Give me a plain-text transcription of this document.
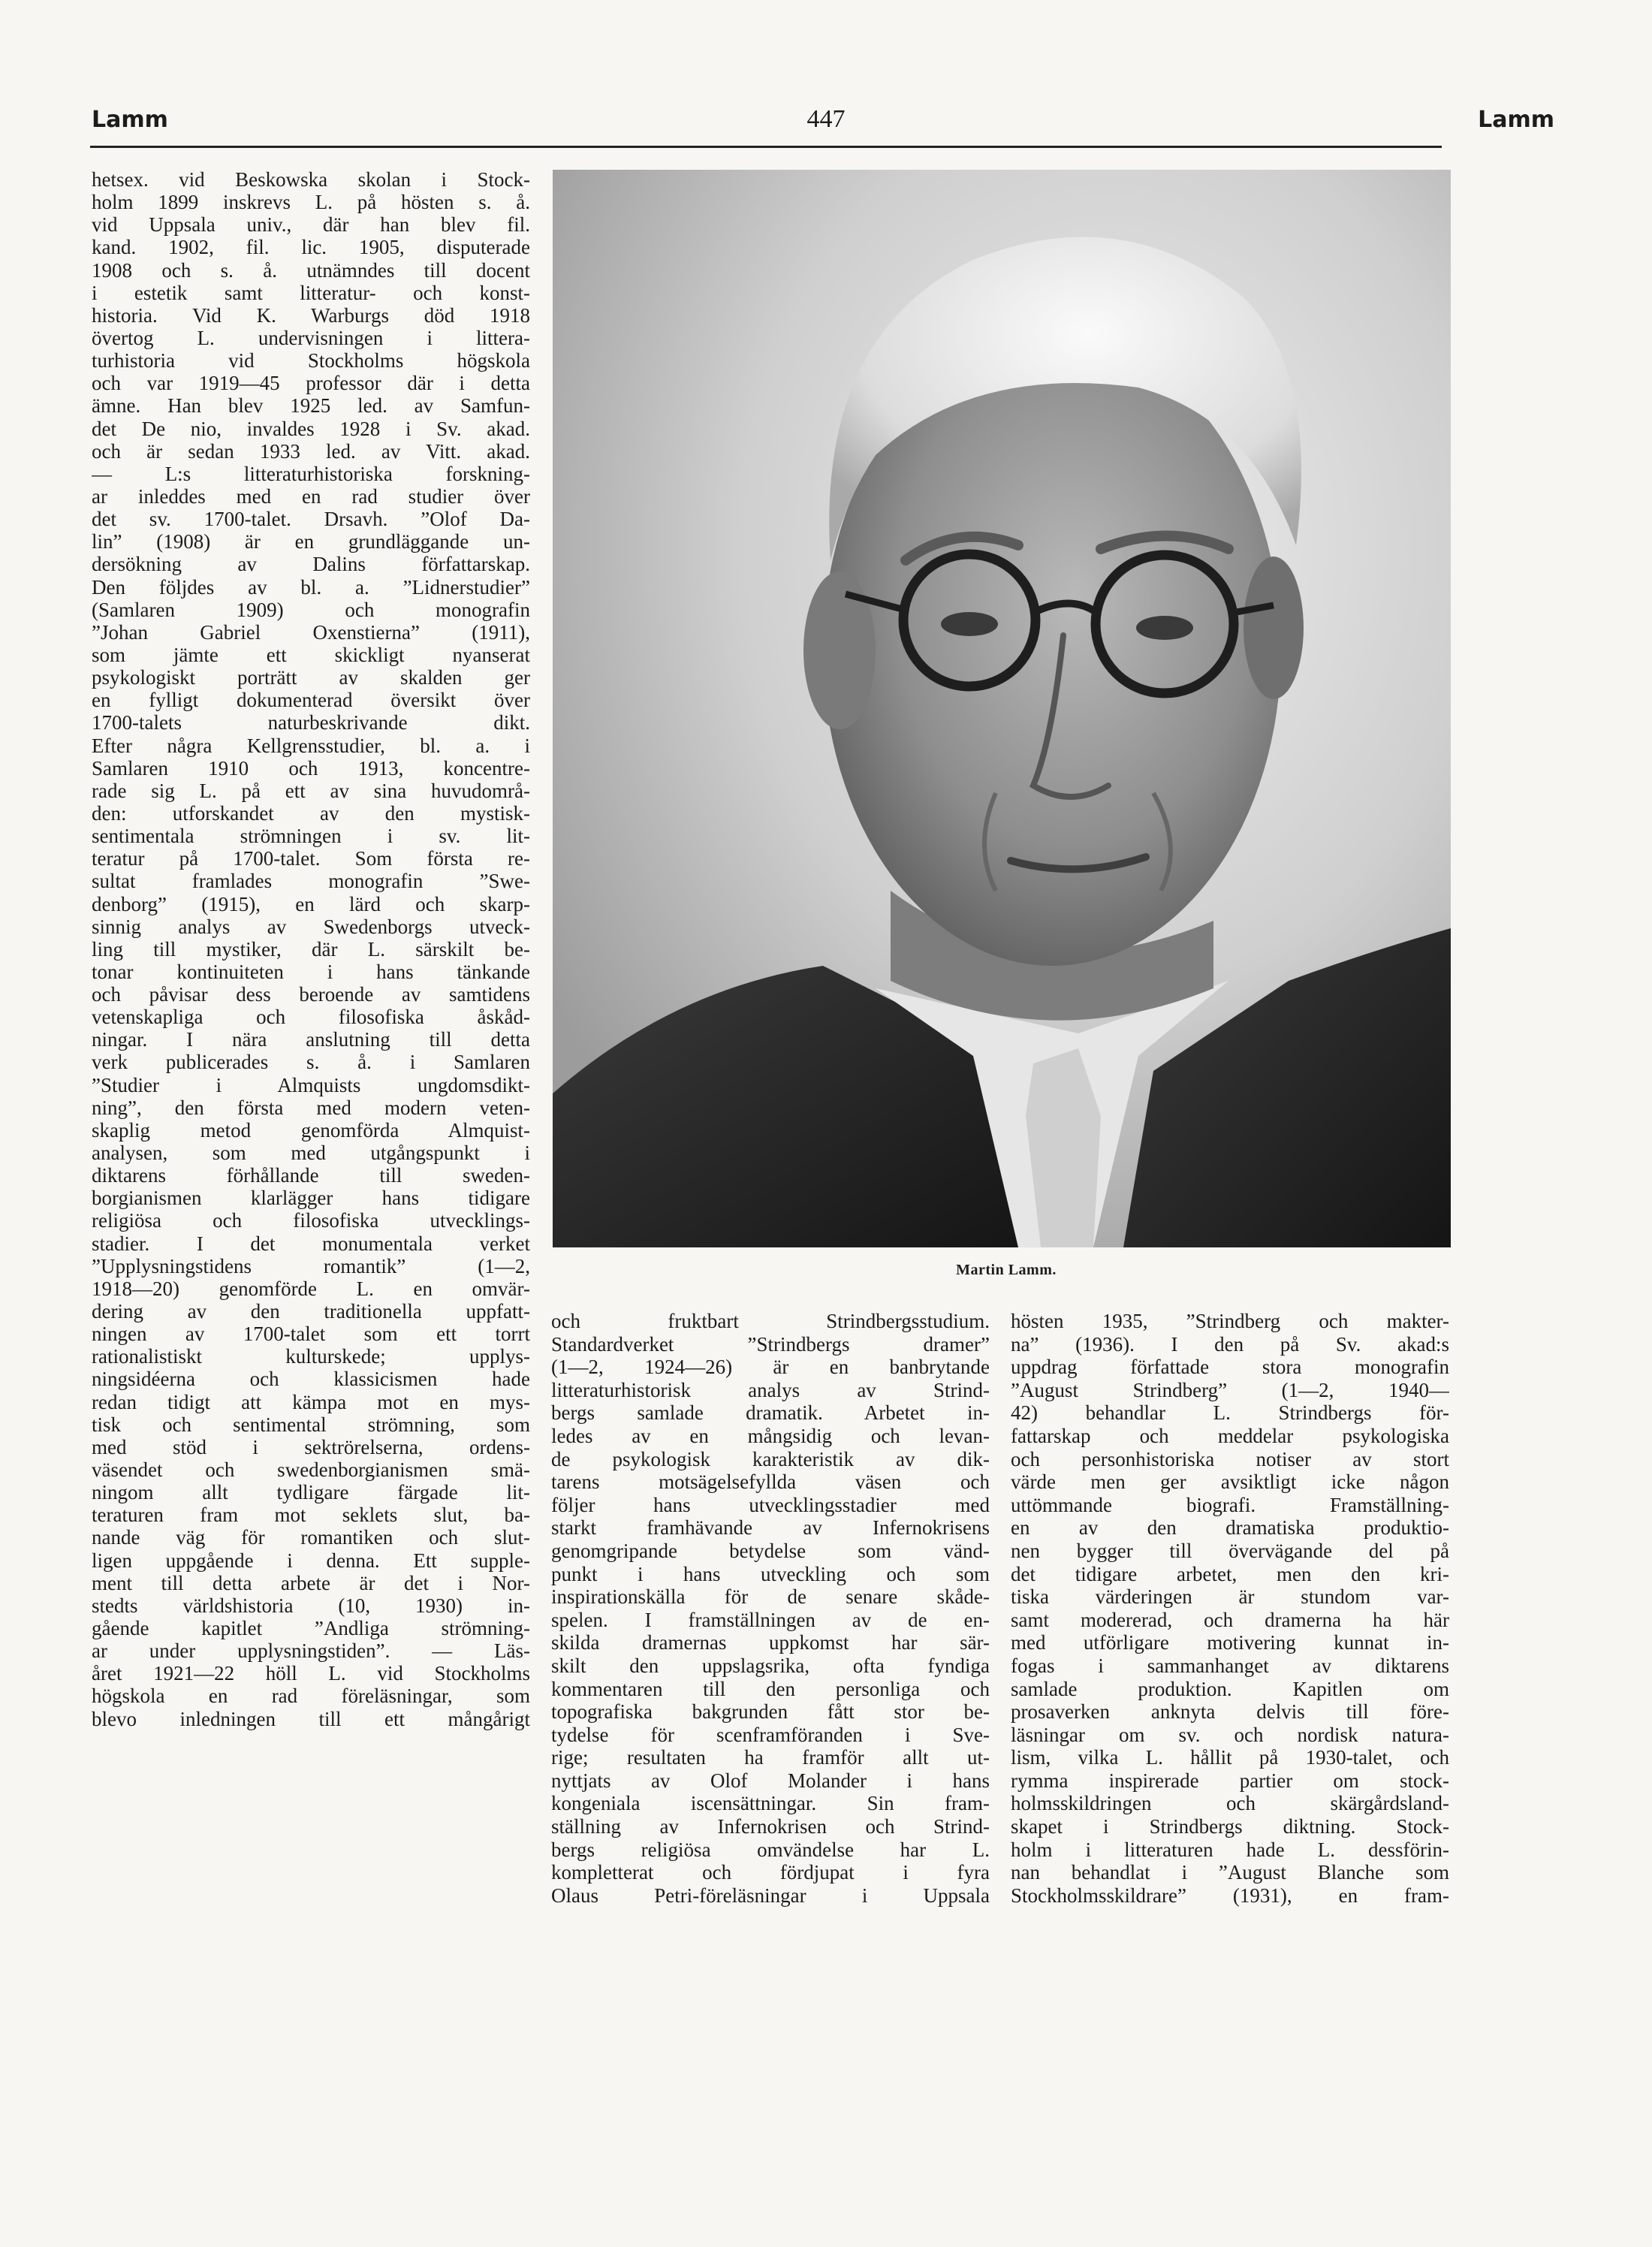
Lamm	447	Lamm
hetsex. vid Beskowska skolan i Stock-
holm 1899 inskrevs L. på hösten s. å.
vid Uppsala univ., där han blev fil.
kand. 1902, fil. lic. 1905, disputerade
1908 och s. å. utnämndes till docent
i estetik samt litteratur- och konst-
historia. Vid K. Warburgs död 1918
övertog L. undervisningen i littera-
turhistoria vid Stockholms högskola
och var 1919—45 professor där i detta
ämne. Han blev 1925 led. av Samfun-
det De nio, invaldes 1928 i Sv. akad.
och är sedan 1933 led. av Vitt. akad.
— L:s litteraturhistoriska forskning-
ar inleddes med en rad studier över
det sv. 1700-talet. Drsavh. ”Olof Da-
lin” (1908) är en grundläggande un-
dersökning av Dalins författarskap.
Den följdes av bl. a. ”Lidnerstudier”
(Samlaren 1909) och monografin
”Johan Gabriel Oxenstierna” (1911),
som jämte ett skickligt nyanserat
psykologiskt porträtt av skalden ger
en fylligt dokumenterad översikt över
1700-talets naturbeskrivande dikt.
Efter några Kellgrensstudier, bl. a. i
Samlaren 1910 och 1913, koncentre-
rade sig L. på ett av sina huvudområ-
den: utforskandet av den mystisk-
sentimentala strömningen i sv. lit-
teratur på 1700-talet. Som första re-
sultat framlades monografin ”Swe-
denborg” (1915), en lärd och skarp-
sinnig analys av Swedenborgs utveck-
ling till mystiker, där L. särskilt be-
tonar kontinuiteten i hans tänkande
och påvisar dess beroende av samtidens
vetenskapliga och filosofiska åskåd-
ningar. I nära anslutning till detta
verk publicerades s. å. i Samlaren
”Studier i Almquists ungdomsdikt-
ning”, den första med modern veten-
skaplig metod genomförda Almquist-
analysen, som med utgångspunkt i
diktarens förhållande till sweden-
borgianismen klarlägger hans tidigare
religiösa och filosofiska utvecklings-
stadier. I det monumentala verket
”Upplysningstidens romantik” (1—2,
1918—20) genomförde L. en omvär-
dering av den traditionella uppfatt-
ningen av 1700-talet som ett torrt
rationalistiskt kulturskede; upplys-
ningsidéerna och klassicismen hade
redan tidigt att kämpa mot en mys-
tisk och sentimental strömning, som
med stöd i sektrörelserna, ordens-
väsendet och swedenborgianismen smä-
ningom allt tydligare färgade lit-
teraturen fram mot seklets slut, ba-
nande väg för romantiken och slut-
ligen uppgående i denna. Ett supple-
ment till detta arbete är det i Nor-
stedts världshistoria (10, 1930) in-
gående kapitlet ”Andliga strömning-
ar under upplysningstiden”. — Läs-
året 1921—22 höll L. vid Stockholms
högskola en rad föreläsningar, som
blevo inledningen till ett mångårigt
Martin Lamm.
och fruktbart Strindbergsstudium.
Standardverket ”Strindbergs dramer”
(1—2, 1924—26) är en banbrytande
litteraturhistorisk analys av Strind-
bergs samlade dramatik. Arbetet in-
ledes av en mångsidig och levan-
de psykologisk karakteristik av dik-
tarens motsägelsefyllda väsen och
följer hans utvecklingsstadier med
starkt framhävande av Infernokrisens
genomgripande betydelse som vänd-
punkt i hans utveckling och som
inspirationskälla för de senare skåde-
spelen. I framställningen av de en-
skilda dramernas uppkomst har sär-
skilt den uppslagsrika, ofta fyndiga
kommentaren till den personliga och
topografiska bakgrunden fått stor be-
tydelse för scenframföranden i Sve-
rige; resultaten ha framför allt ut-
nyttjats av Olof Molander i hans
kongeniala iscensättningar. Sin fram-
ställning av Infernokrisen och Strind-
bergs religiösa omvändelse har L.
kompletterat och fördjupat i fyra
Olaus Petri-föreläsningar i Uppsala
hösten 1935, ”Strindberg och makter-
na” (1936). I den på Sv. akad:s
uppdrag författade stora monografin
”August Strindberg” (1—2, 1940—
42) behandlar L. Strindbergs för-
fattarskap och meddelar psykologiska
och personhistoriska notiser av stort
värde men ger avsiktligt icke någon
uttömmande biografi. Framställning-
en av den dramatiska produktio-
nen bygger till övervägande del på
det tidigare arbetet, men den kri-
tiska värderingen är stundom var-
samt modererad, och dramerna ha här
med utförligare motivering kunnat in-
fogas i sammanhanget av diktarens
samlade produktion. Kapitlen om
prosaverken anknyta delvis till före-
läsningar om sv. och nordisk natura-
lism, vilka L. hållit på 1930-talet, och
rymma inspirerade partier om stock-
holmsskildringen och skärgårdsland-
skapet i Strindbergs diktning. Stock-
holm i litteraturen hade L. dessförin-
nan behandlat i ”August Blanche som
Stockholmsskildrare” (1931), en fram-
